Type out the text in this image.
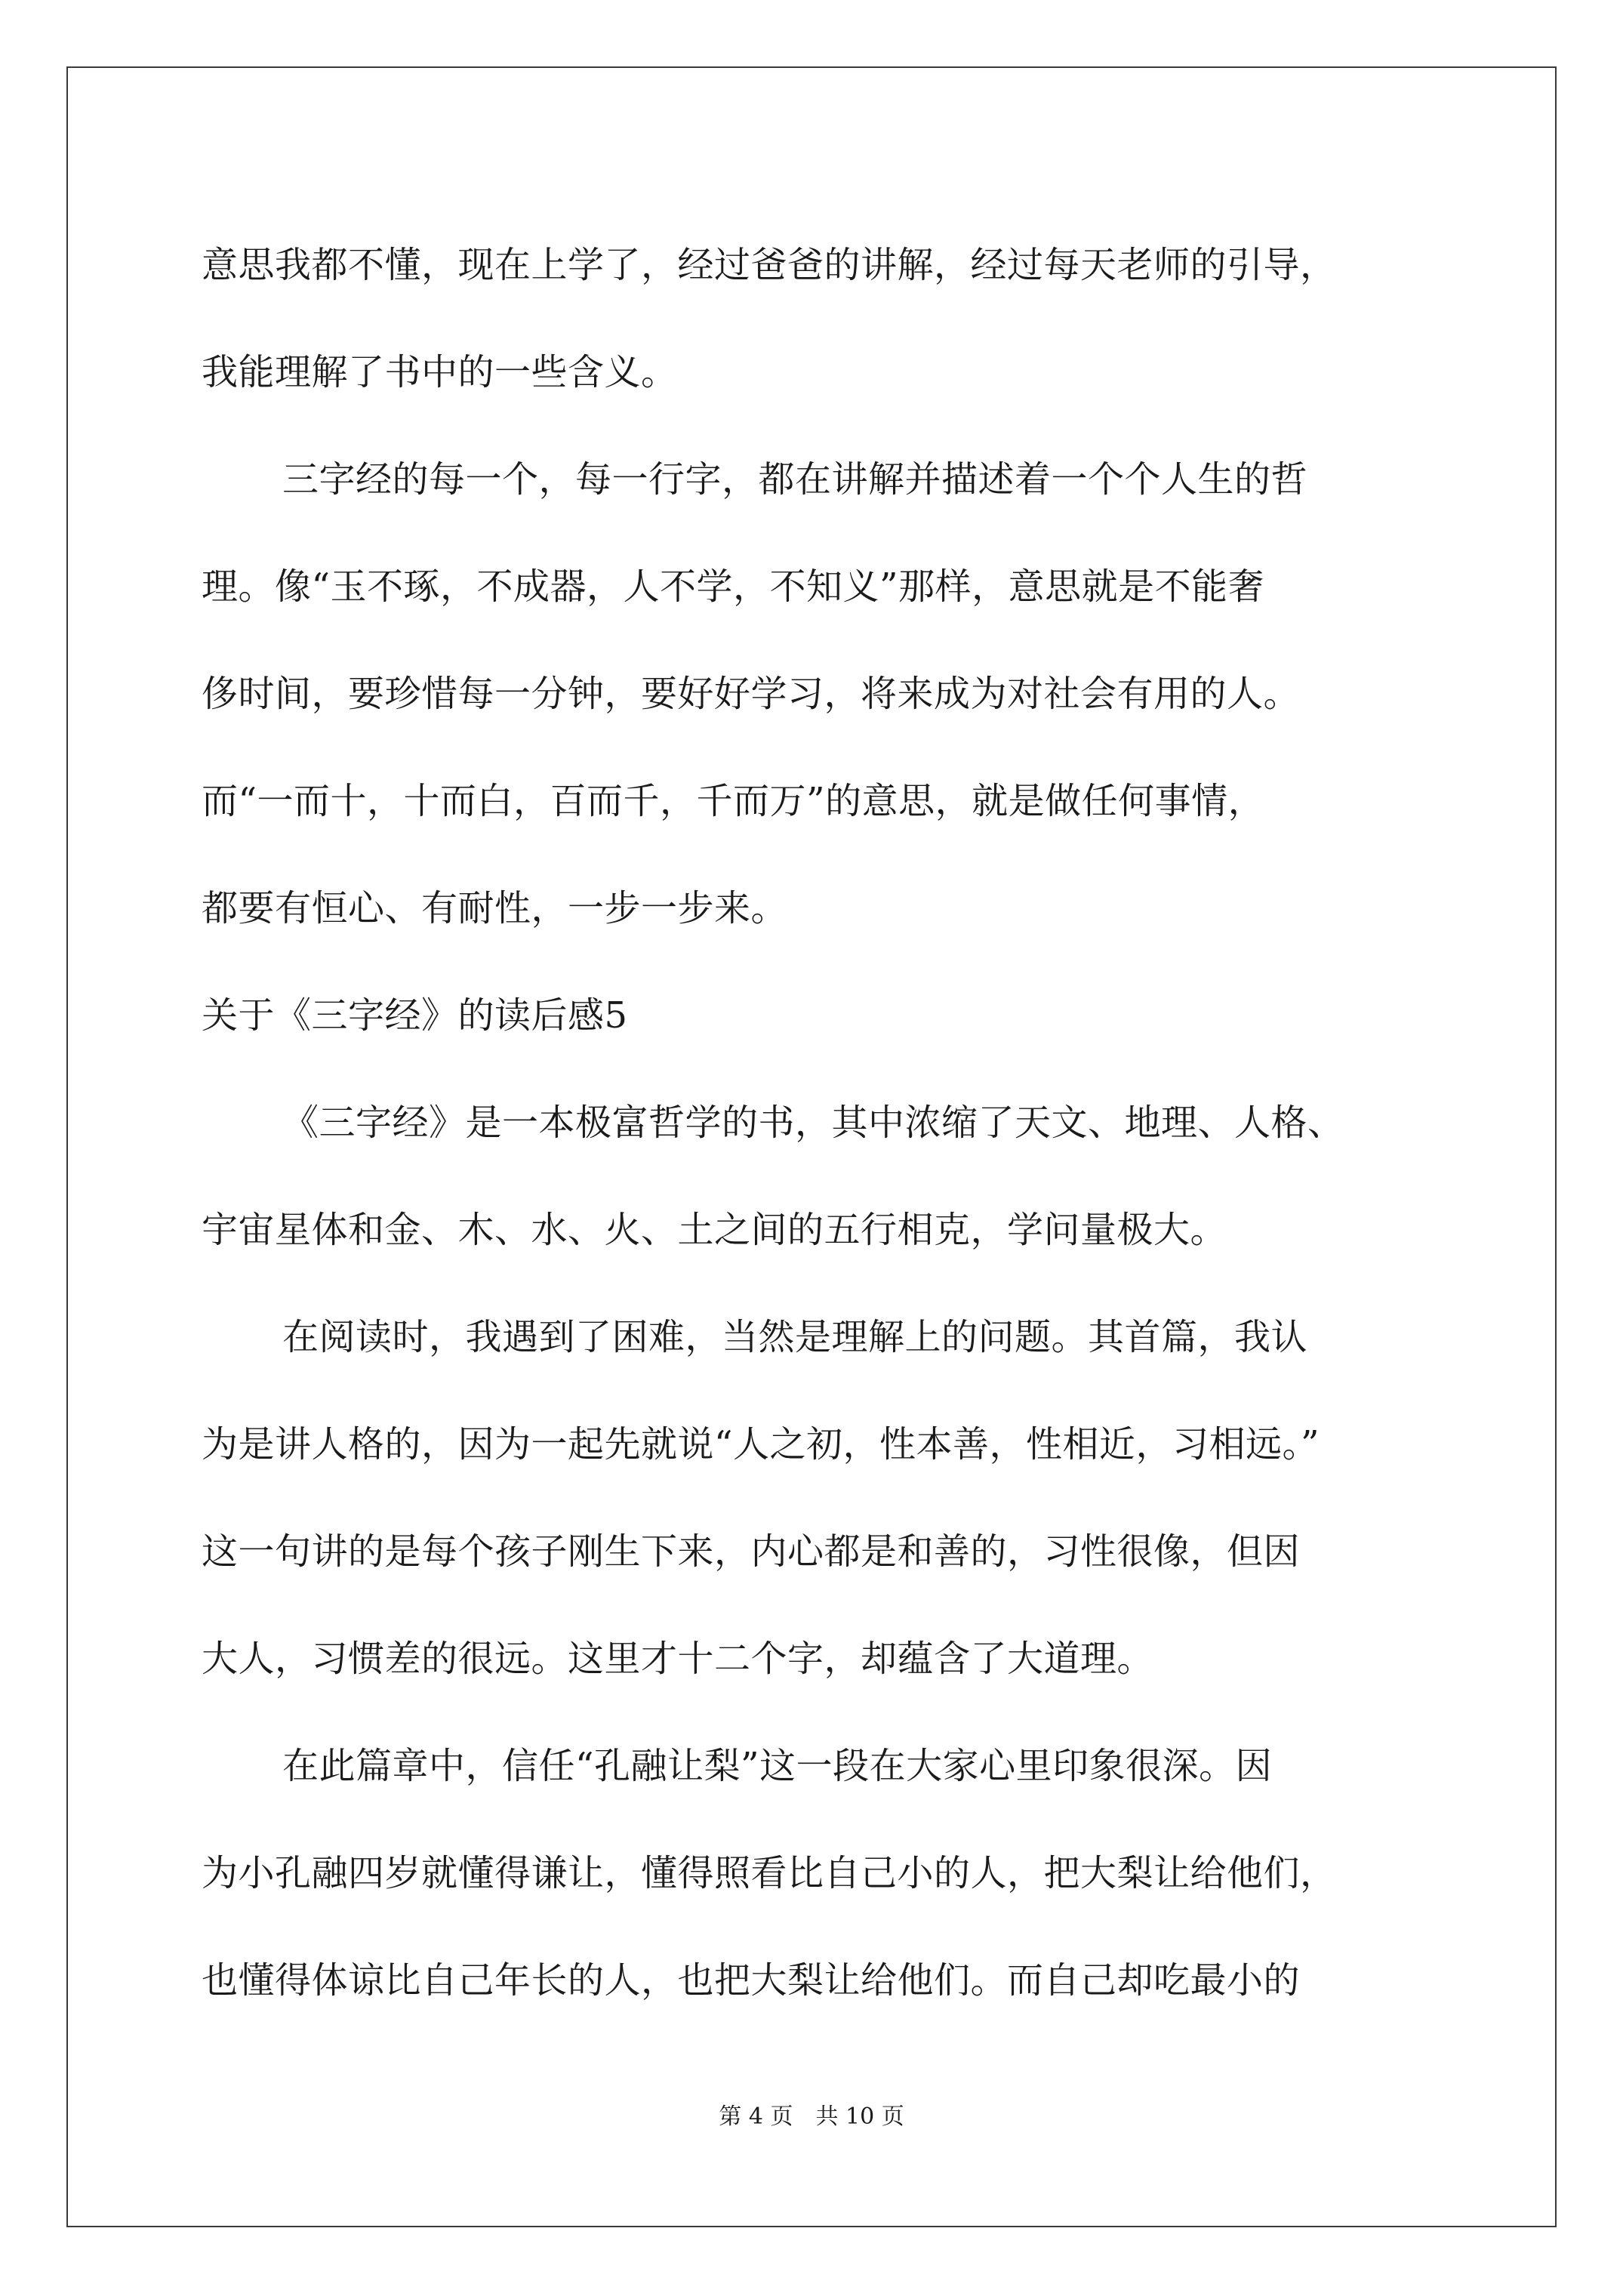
意思我都不懂，现在上学了，经过爸爸的讲解，经过每天老师的引导，
我能理解了书中的一些含义。
三字经的每一个，每一行字，都在讲解并描述着一个个人生的哲
理。像“玉不琢，不成器，人不学，不知义”那样，意思就是不能奢
侈时间，要珍惜每一分钟，要好好学习，将来成为对社会有用的人。
而“一而十，十而白，百而千，千而万”的意思，就是做任何事情，
都要有恒心、有耐性，一步一步来。
关于《三字经》的读后感5
《三字经》是一本极富哲学的书，其中浓缩了天文、地理、人格、
宇宙星体和金、木、水、火、土之间的五行相克，学问量极大。
在阅读时，我遇到了困难，当然是理解上的问题。其首篇，我认
为是讲人格的，因为一起先就说“人之初，性本善，性相近，习相远。”
这一句讲的是每个孩子刚生下来，内心都是和善的，习性很像，但因
大人，习惯差的很远。这里才十二个字，却蕴含了大道理。
在此篇章中，信任“孔融让梨”这一段在大家心里印象很深。因
为小孔融四岁就懂得谦让，懂得照看比自己小的人，把大梨让给他们，
也懂得体谅比自己年长的人，也把大梨让给他们。而自己却吃最小的
第 4 页　共 10 页
